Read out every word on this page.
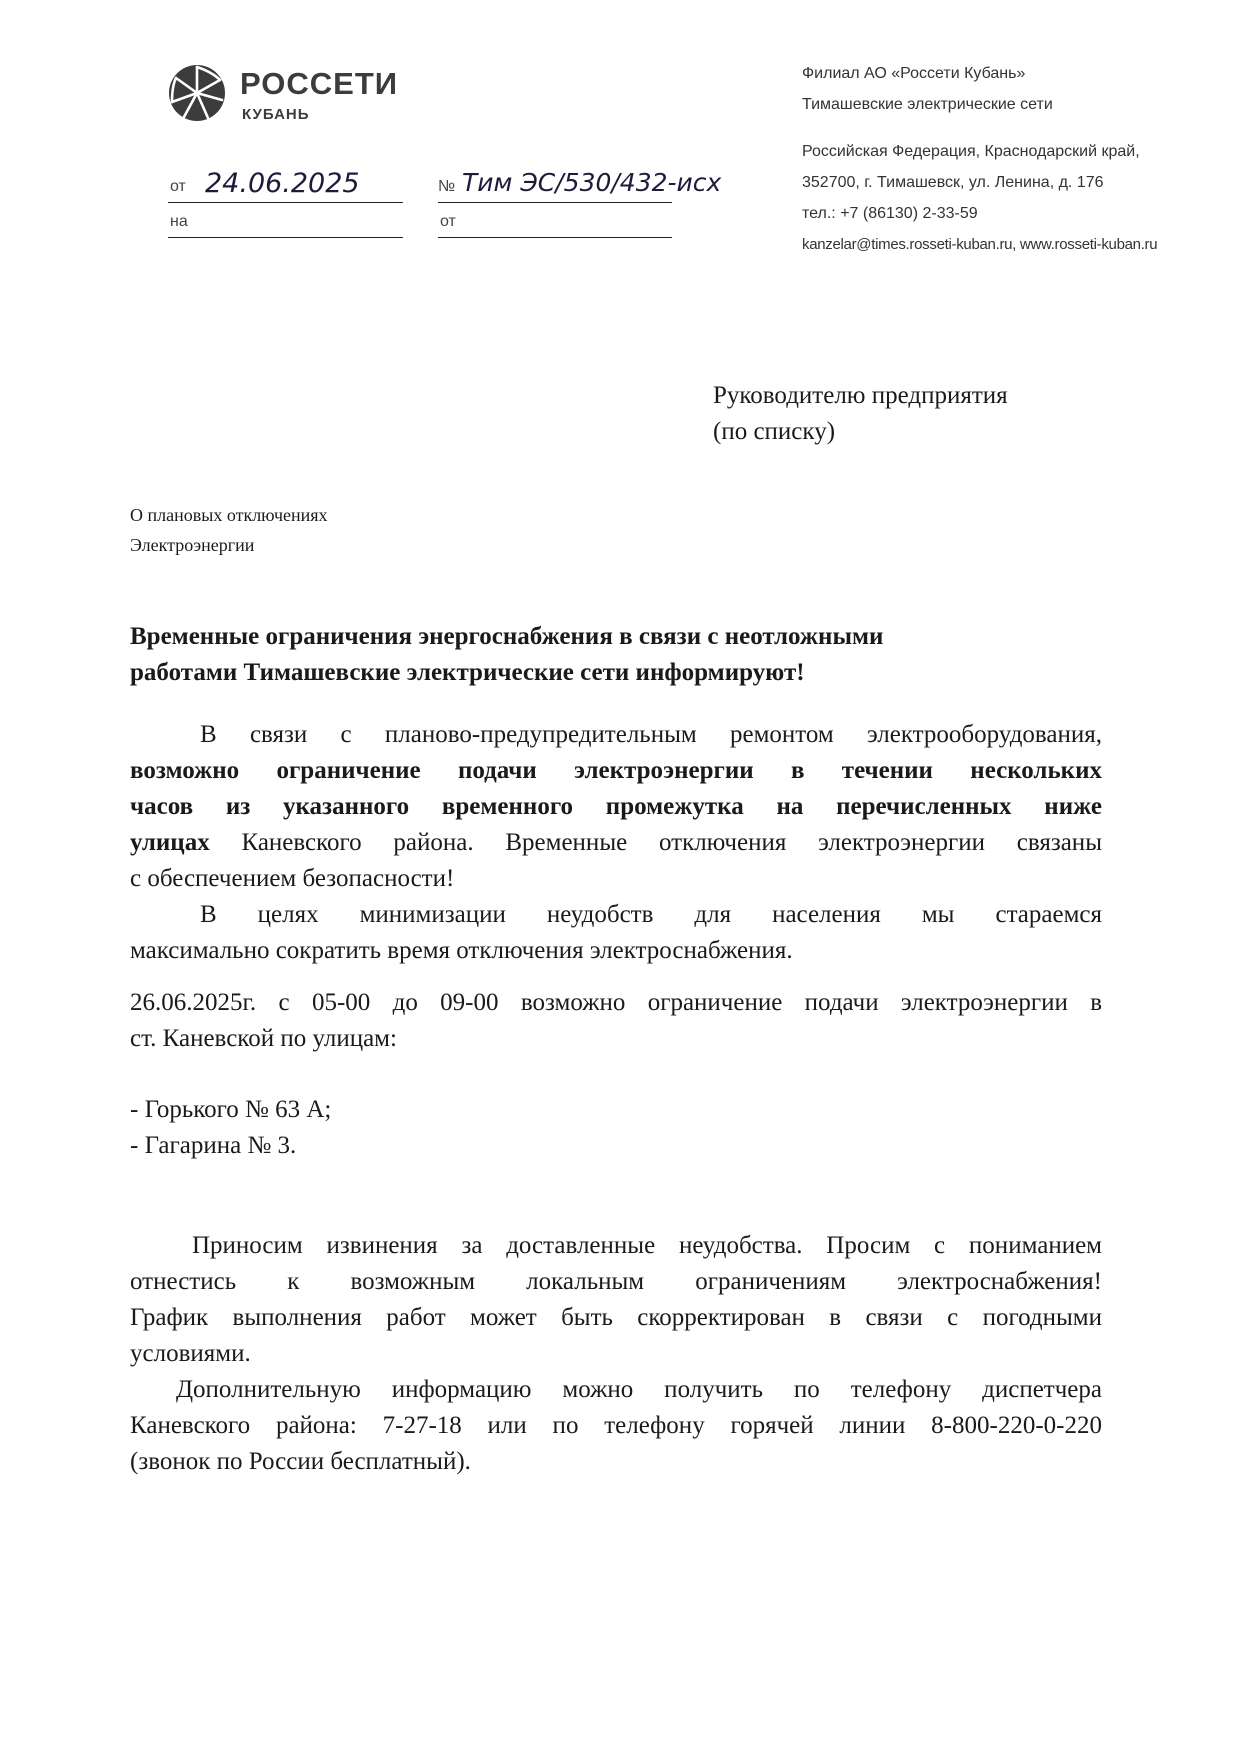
РОССЕТИ
КУБАНЬ
от 24.06.2025
на
№ Тим ЭС/530/432-исх
от
Филиал АО «Россети Кубань»
Тимашевские электрические сети
Российская Федерация, Краснодарский край,
352700, г. Тимашевск, ул. Ленина, д. 176
тел.: +7 (86130) 2-33-59
kanzelar@times.rosseti-kuban.ru, www.rosseti-kuban.ru
Руководителю предприятия
(по списку)
О плановых отключениях
Электроэнергии
Временные ограничения энергоснабжения в связи с неотложными
работами Тимашевские электрические сети информируют!
В связи с планово-предупредительным ремонтом электрооборудования,
возможно ограничение подачи электроэнергии в течении нескольких
часов из указанного временного промежутка на перечисленных ниже
улицах Каневского района. Временные отключения электроэнергии связаны
с обеспечением безопасности!
В целях минимизации неудобств для населения мы стараемся
максимально сократить время отключения электроснабжения.
26.06.2025г. с 05-00 до 09-00 возможно ограничение подачи электроэнергии в
ст. Каневской по улицам:
- Горького № 63 А;
- Гагарина № 3.
Приносим извинения за доставленные неудобства. Просим с пониманием
отнестись к возможным локальным ограничениям электроснабжения!
График выполнения работ может быть скорректирован в связи с погодными
условиями.
Дополнительную информацию можно получить по телефону диспетчера
Каневского района: 7-27-18 или по телефону горячей линии 8-800-220-0-220
(звонок по России бесплатный).
